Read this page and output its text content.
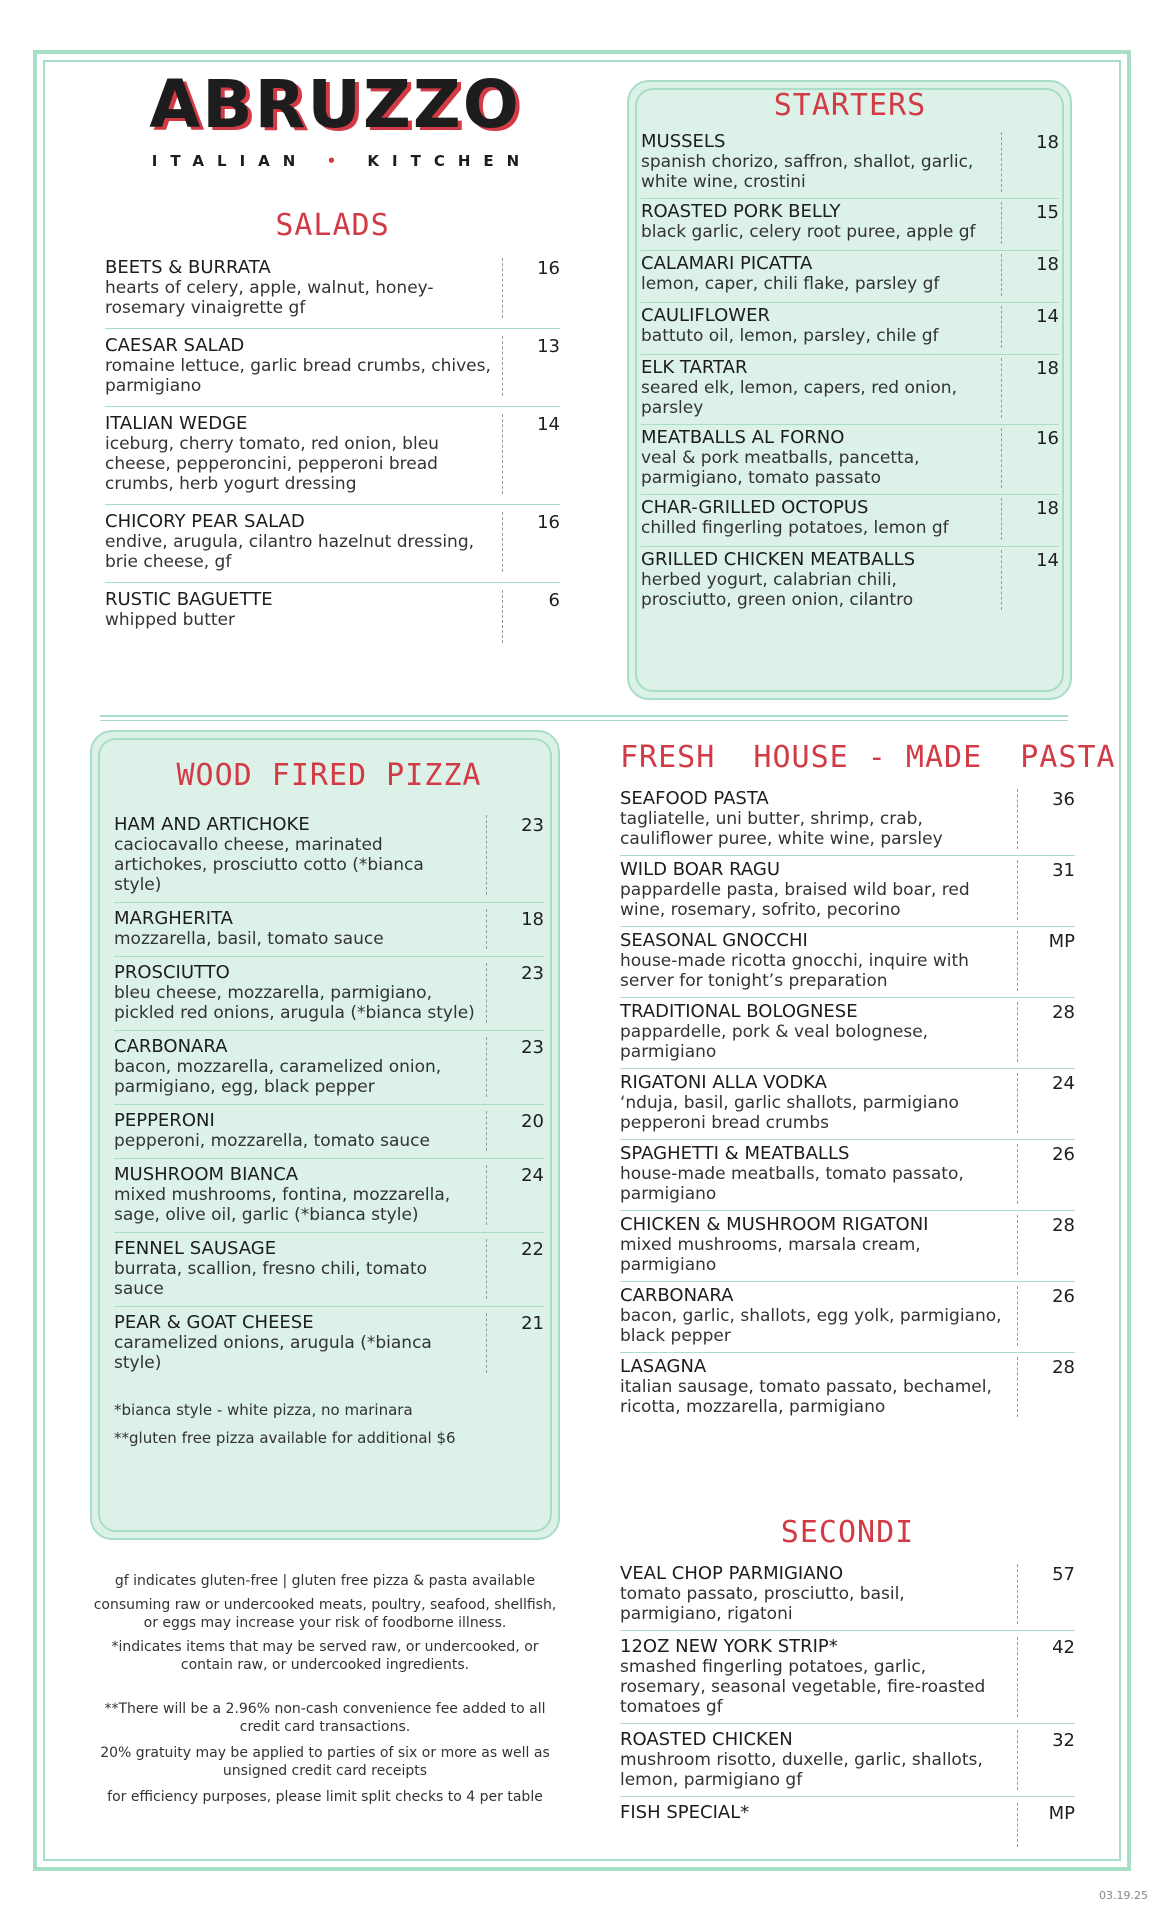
ABRUZZO
ITALIAN • KITCHEN
SALADS
BEETS & BURRATA
hearts of celery, apple, walnut, honey-rosemary vinaigrette gf
16
CAESAR SALAD
romaine lettuce, garlic bread crumbs, chives, parmigiano
13
ITALIAN WEDGE
iceburg, cherry tomato, red onion, bleu cheese, pepperoncini, pepperoni bread crumbs, herb yogurt dressing
14
CHICORY PEAR SALAD
endive, arugula, cilantro hazelnut dressing, brie cheese, gf
16
RUSTIC BAGUETTE
whipped butter
6
STARTERS
MUSSELS
spanish chorizo, saffron, shallot, garlic, white wine, crostini
18
ROASTED PORK BELLY
black garlic, celery root puree, apple gf
15
CALAMARI PICATTA
lemon, caper, chili flake, parsley gf
18
CAULIFLOWER
battuto oil, lemon, parsley, chile gf
14
ELK TARTAR
seared elk, lemon, capers, red onion, parsley
18
MEATBALLS AL FORNO
veal & pork meatballs, pancetta, parmigiano, tomato passato
16
CHAR-GRILLED OCTOPUS
chilled fingerling potatoes, lemon gf
18
GRILLED CHICKEN MEATBALLS
herbed yogurt, calabrian chili, prosciutto, green onion, cilantro
14
WOOD FIRED PIZZA
HAM AND ARTICHOKE
caciocavallo cheese, marinated artichokes, prosciutto cotto (*bianca style)
23
MARGHERITA
mozzarella, basil, tomato sauce
18
PROSCIUTTO
bleu cheese, mozzarella, parmigiano, pickled red onions, arugula (*bianca style)
23
CARBONARA
bacon, mozzarella, caramelized onion, parmigiano, egg, black pepper
23
PEPPERONI
pepperoni, mozzarella, tomato sauce
20
MUSHROOM BIANCA
mixed mushrooms, fontina, mozzarella, sage, olive oil, garlic (*bianca style)
24
FENNEL SAUSAGE
burrata, scallion, fresno chili, tomato sauce
22
PEAR & GOAT CHEESE
caramelized onions, arugula (*bianca style)
21
*bianca style - white pizza, no marinara
**gluten free pizza available for additional $6
FRESH  HOUSE - MADE  PASTA
SEAFOOD PASTA
tagliatelle, uni butter, shrimp, crab, cauliflower puree, white wine, parsley
36
WILD BOAR RAGU
pappardelle pasta, braised wild boar, red wine, rosemary, sofrito, pecorino
31
SEASONAL GNOCCHI
house-made ricotta gnocchi, inquire with server for tonight’s preparation
MP
TRADITIONAL BOLOGNESE
pappardelle, pork & veal bolognese, parmigiano
28
RIGATONI ALLA VODKA
‘nduja, basil, garlic shallots, parmigiano pepperoni bread crumbs
24
SPAGHETTI & MEATBALLS
house-made meatballs, tomato passato, parmigiano
26
CHICKEN & MUSHROOM RIGATONI
mixed mushrooms, marsala cream, parmigiano
28
CARBONARA
bacon, garlic, shallots, egg yolk, parmigiano, black pepper
26
LASAGNA
italian sausage, tomato passato, bechamel, ricotta, mozzarella, parmigiano
28
SECONDI
VEAL CHOP PARMIGIANO
tomato passato, prosciutto, basil, parmigiano, rigatoni
57
12OZ NEW YORK STRIP*
smashed fingerling potatoes, garlic, rosemary, seasonal vegetable, fire-roasted tomatoes gf
42
ROASTED CHICKEN
mushroom risotto, duxelle, garlic, shallots, lemon, parmigiano gf
32
FISH SPECIAL*	MP

gf indicates gluten-free | gluten free pizza & pasta available

consuming raw or undercooked meats, poultry, seafood, shellfish, or eggs may increase your risk of foodborne illness.

*indicates items that may be served raw, or undercooked, or contain raw, or undercooked ingredients.

**There will be a 2.96% non-cash convenience fee added to all credit card transactions.

20% gratuity may be applied to parties of six or more as well as unsigned credit card receipts

for efficiency purposes, please limit split checks to 4 per table

03.19.25
